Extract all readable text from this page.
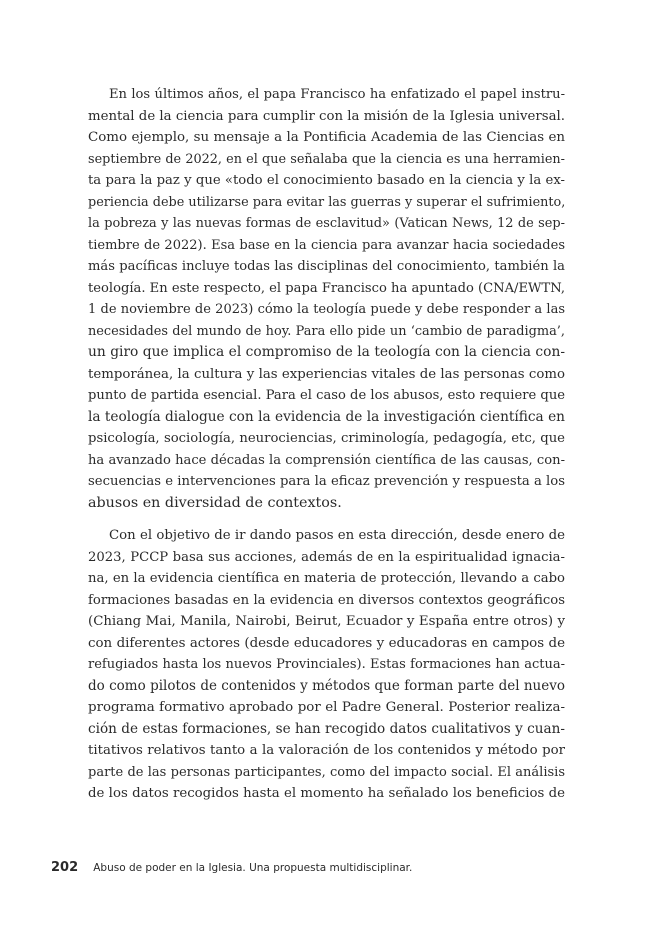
En los últimos años, el papa Francisco ha enfatizado el papel instru-
mental de la ciencia para cumplir con la misión de la Iglesia universal.
Como ejemplo, su mensaje a la Pontificia Academia de las Ciencias en
septiembre de 2022, en el que señalaba que la ciencia es una herramien-
ta para la paz y que «todo el conocimiento basado en la ciencia y la ex-
periencia debe utilizarse para evitar las guerras y superar el sufrimiento,
la pobreza y las nuevas formas de esclavitud» (Vatican News, 12 de sep-
tiembre de 2022). Esa base en la ciencia para avanzar hacia sociedades
más pacíficas incluye todas las disciplinas del conocimiento, también la
teología. En este respecto, el papa Francisco ha apuntado (CNA/EWTN,
1 de noviembre de 2023) cómo la teología puede y debe responder a las
necesidades del mundo de hoy. Para ello pide un ‘cambio de paradigma’,
un giro que implica el compromiso de la teología con la ciencia con-
temporánea, la cultura y las experiencias vitales de las personas como
punto de partida esencial. Para el caso de los abusos, esto requiere que
la teología dialogue con la evidencia de la investigación científica en
psicología, sociología, neurociencias, criminología, pedagogía, etc, que
ha avanzado hace décadas la comprensión científica de las causas, con-
secuencias e intervenciones para la eficaz prevención y respuesta a los
abusos en diversidad de contextos.
Con el objetivo de ir dando pasos en esta dirección, desde enero de
2023, PCCP basa sus acciones, además de en la espiritualidad ignacia-
na, en la evidencia científica en materia de protección, llevando a cabo
formaciones basadas en la evidencia en diversos contextos geográficos
(Chiang Mai, Manila, Nairobi, Beirut, Ecuador y España entre otros) y
con diferentes actores (desde educadores y educadoras en campos de
refugiados hasta los nuevos Provinciales). Estas formaciones han actua-
do como pilotos de contenidos y métodos que forman parte del nuevo
programa formativo aprobado por el Padre General. Posterior realiza-
ción de estas formaciones, se han recogido datos cualitativos y cuan-
titativos relativos tanto a la valoración de los contenidos y método por
parte de las personas participantes, como del impacto social. El análisis
de los datos recogidos hasta el momento ha señalado los beneficios de
202 Abuso de poder en la Iglesia. Una propuesta multidisciplinar.
